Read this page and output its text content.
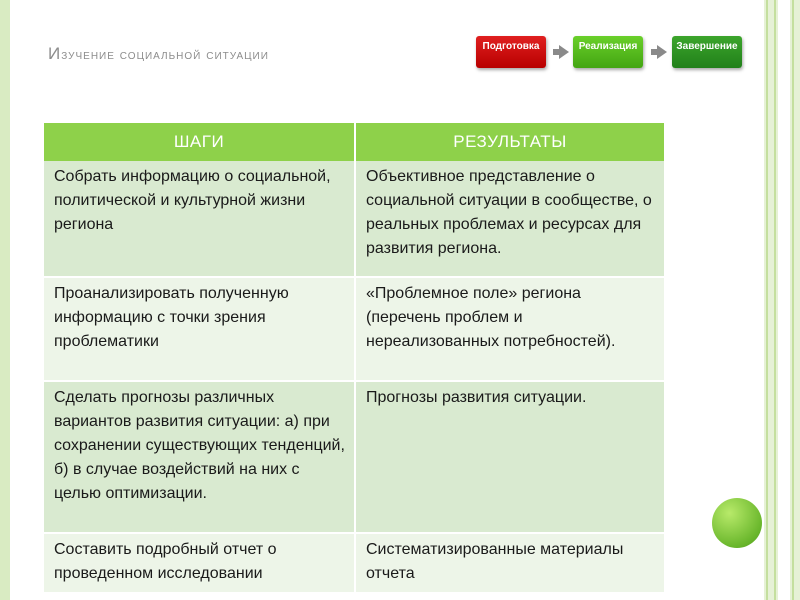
Изучение социальной ситуации	Подготовка	Реализация	Завершение
ШАГИ	РЕЗУЛЬТАТЫ
Собрать информацию о социальной, политической и культурной жизни региона	Объективное представление о социальной ситуации в сообществе, о реальных проблемах и ресурсах для развития региона.
Проанализировать полученную информацию с точки зрения проблематики	«Проблемное поле» региона (перечень проблем и нереализованных потребностей).
Сделать прогнозы различных вариантов развития ситуации: а) при сохранении существующих тенденций, б) в случае воздействий на них с целью оптимизации.	Прогнозы развития ситуации.
Составить подробный отчет о проведенном исследовании	Систематизированные материалы отчета
